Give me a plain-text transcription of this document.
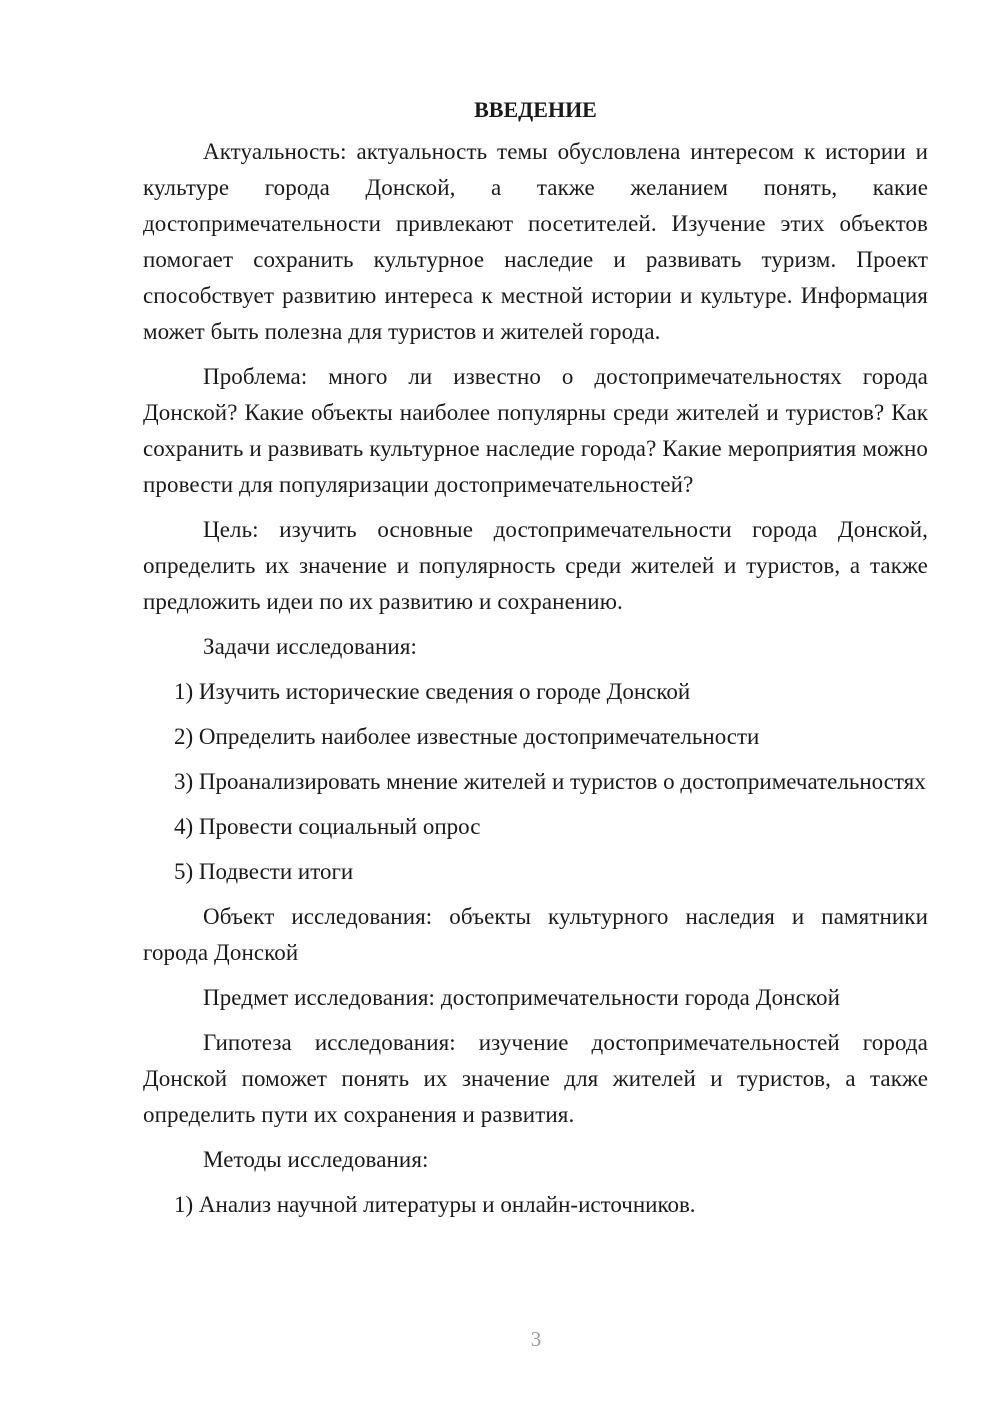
ВВЕДЕНИЕ

Актуальность: актуальность темы обусловлена интересом к истории и культуре города Донской, а также желанием понять, какие достопримечательности привлекают посетителей. Изучение этих объектов помогает сохранить культурное наследие и развивать туризм. Проект способствует развитию интереса к местной истории и культуре. Информация может быть полезна для туристов и жителей города.

Проблема: много ли известно о достопримечательностях города Донской? Какие объекты наиболее популярны среди жителей и туристов? Как сохранить и развивать культурное наследие города? Какие мероприятия можно провести для популяризации достопримечательностей?

Цель: изучить основные достопримечательности города Донской, определить их значение и популярность среди жителей и туристов, а также предложить идеи по их развитию и сохранению.

Задачи исследования:

1) Изучить исторические сведения о городе Донской

2) Определить наиболее известные достопримечательности

3) Проанализировать мнение жителей и туристов о достопримечательностях

4) Провести социальный опрос

5) Подвести итоги

Объект исследования: объекты культурного наследия и памятники города Донской

Предмет исследования: достопримечательности города Донской

Гипотеза исследования: изучение достопримечательностей города Донской поможет понять их значение для жителей и туристов, а также определить пути их сохранения и развития.

Методы исследования:

1) Анализ научной литературы и онлайн-источников.

3
